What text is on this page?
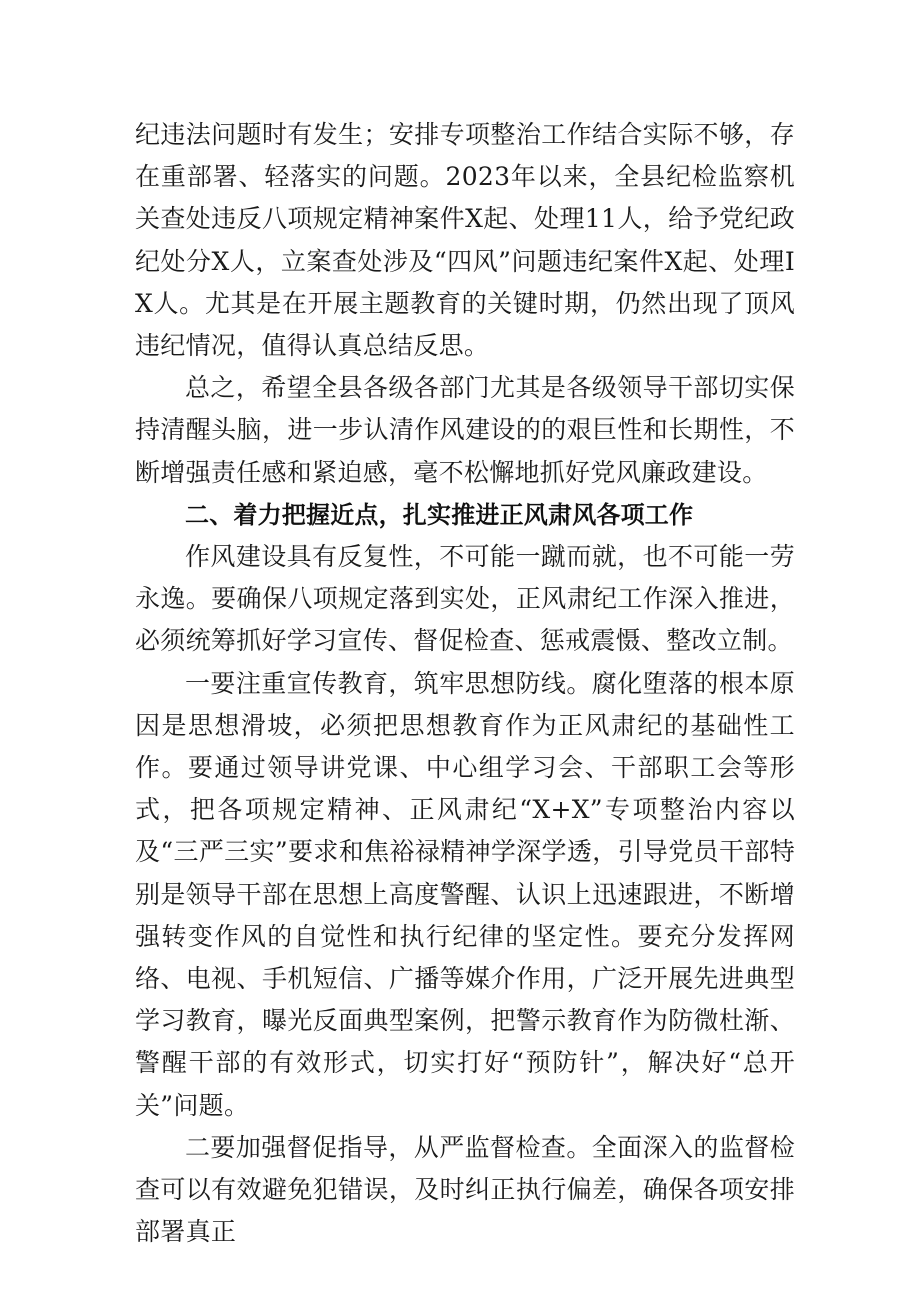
纪违法问题时有发生；安排专项整治工作结合实际不够，存在重部署、轻落实的问题。2023年以来，全县纪检监察机关查处违反八项规定精神案件X起、处理11人，给予党纪政纪处分X人，立案查处涉及“四风”问题违纪案件X起、处理IX人。尤其是在开展主题教育的关键时期，仍然出现了顶风违纪情况，值得认真总结反思。

总之，希望全县各级各部门尤其是各级领导干部切实保持清醒头脑，进一步认清作风建设的的艰巨性和长期性，不断增强责任感和紧迫感，毫不松懈地抓好党风廉政建设。

二、着力把握近点，扎实推进正风肃风各项工作

作风建设具有反复性，不可能一蹴而就，也不可能一劳永逸。要确保八项规定落到实处，正风肃纪工作深入推进，必须统筹抓好学习宣传、督促检查、惩戒震慑、整改立制。

一要注重宣传教育，筑牢思想防线。腐化堕落的根本原因是思想滑坡，必须把思想教育作为正风肃纪的基础性工作。要通过领导讲党课、中心组学习会、干部职工会等形式，把各项规定精神、正风肃纪“X+X”专项整治内容以及“三严三实”要求和焦裕禄精神学深学透，引导党员干部特别是领导干部在思想上高度警醒、认识上迅速跟进，不断增强转变作风的自觉性和执行纪律的坚定性。要充分发挥网络、电视、手机短信、广播等媒介作用，广泛开展先进典型学习教育，曝光反面典型案例，把警示教育作为防微杜渐、警醒干部的有效形式，切实打好“预防针”，解决好“总开关”问题。

二要加强督促指导，从严监督检查。全面深入的监督检查可以有效避免犯错误，及时纠正执行偏差，确保各项安排部署真正
